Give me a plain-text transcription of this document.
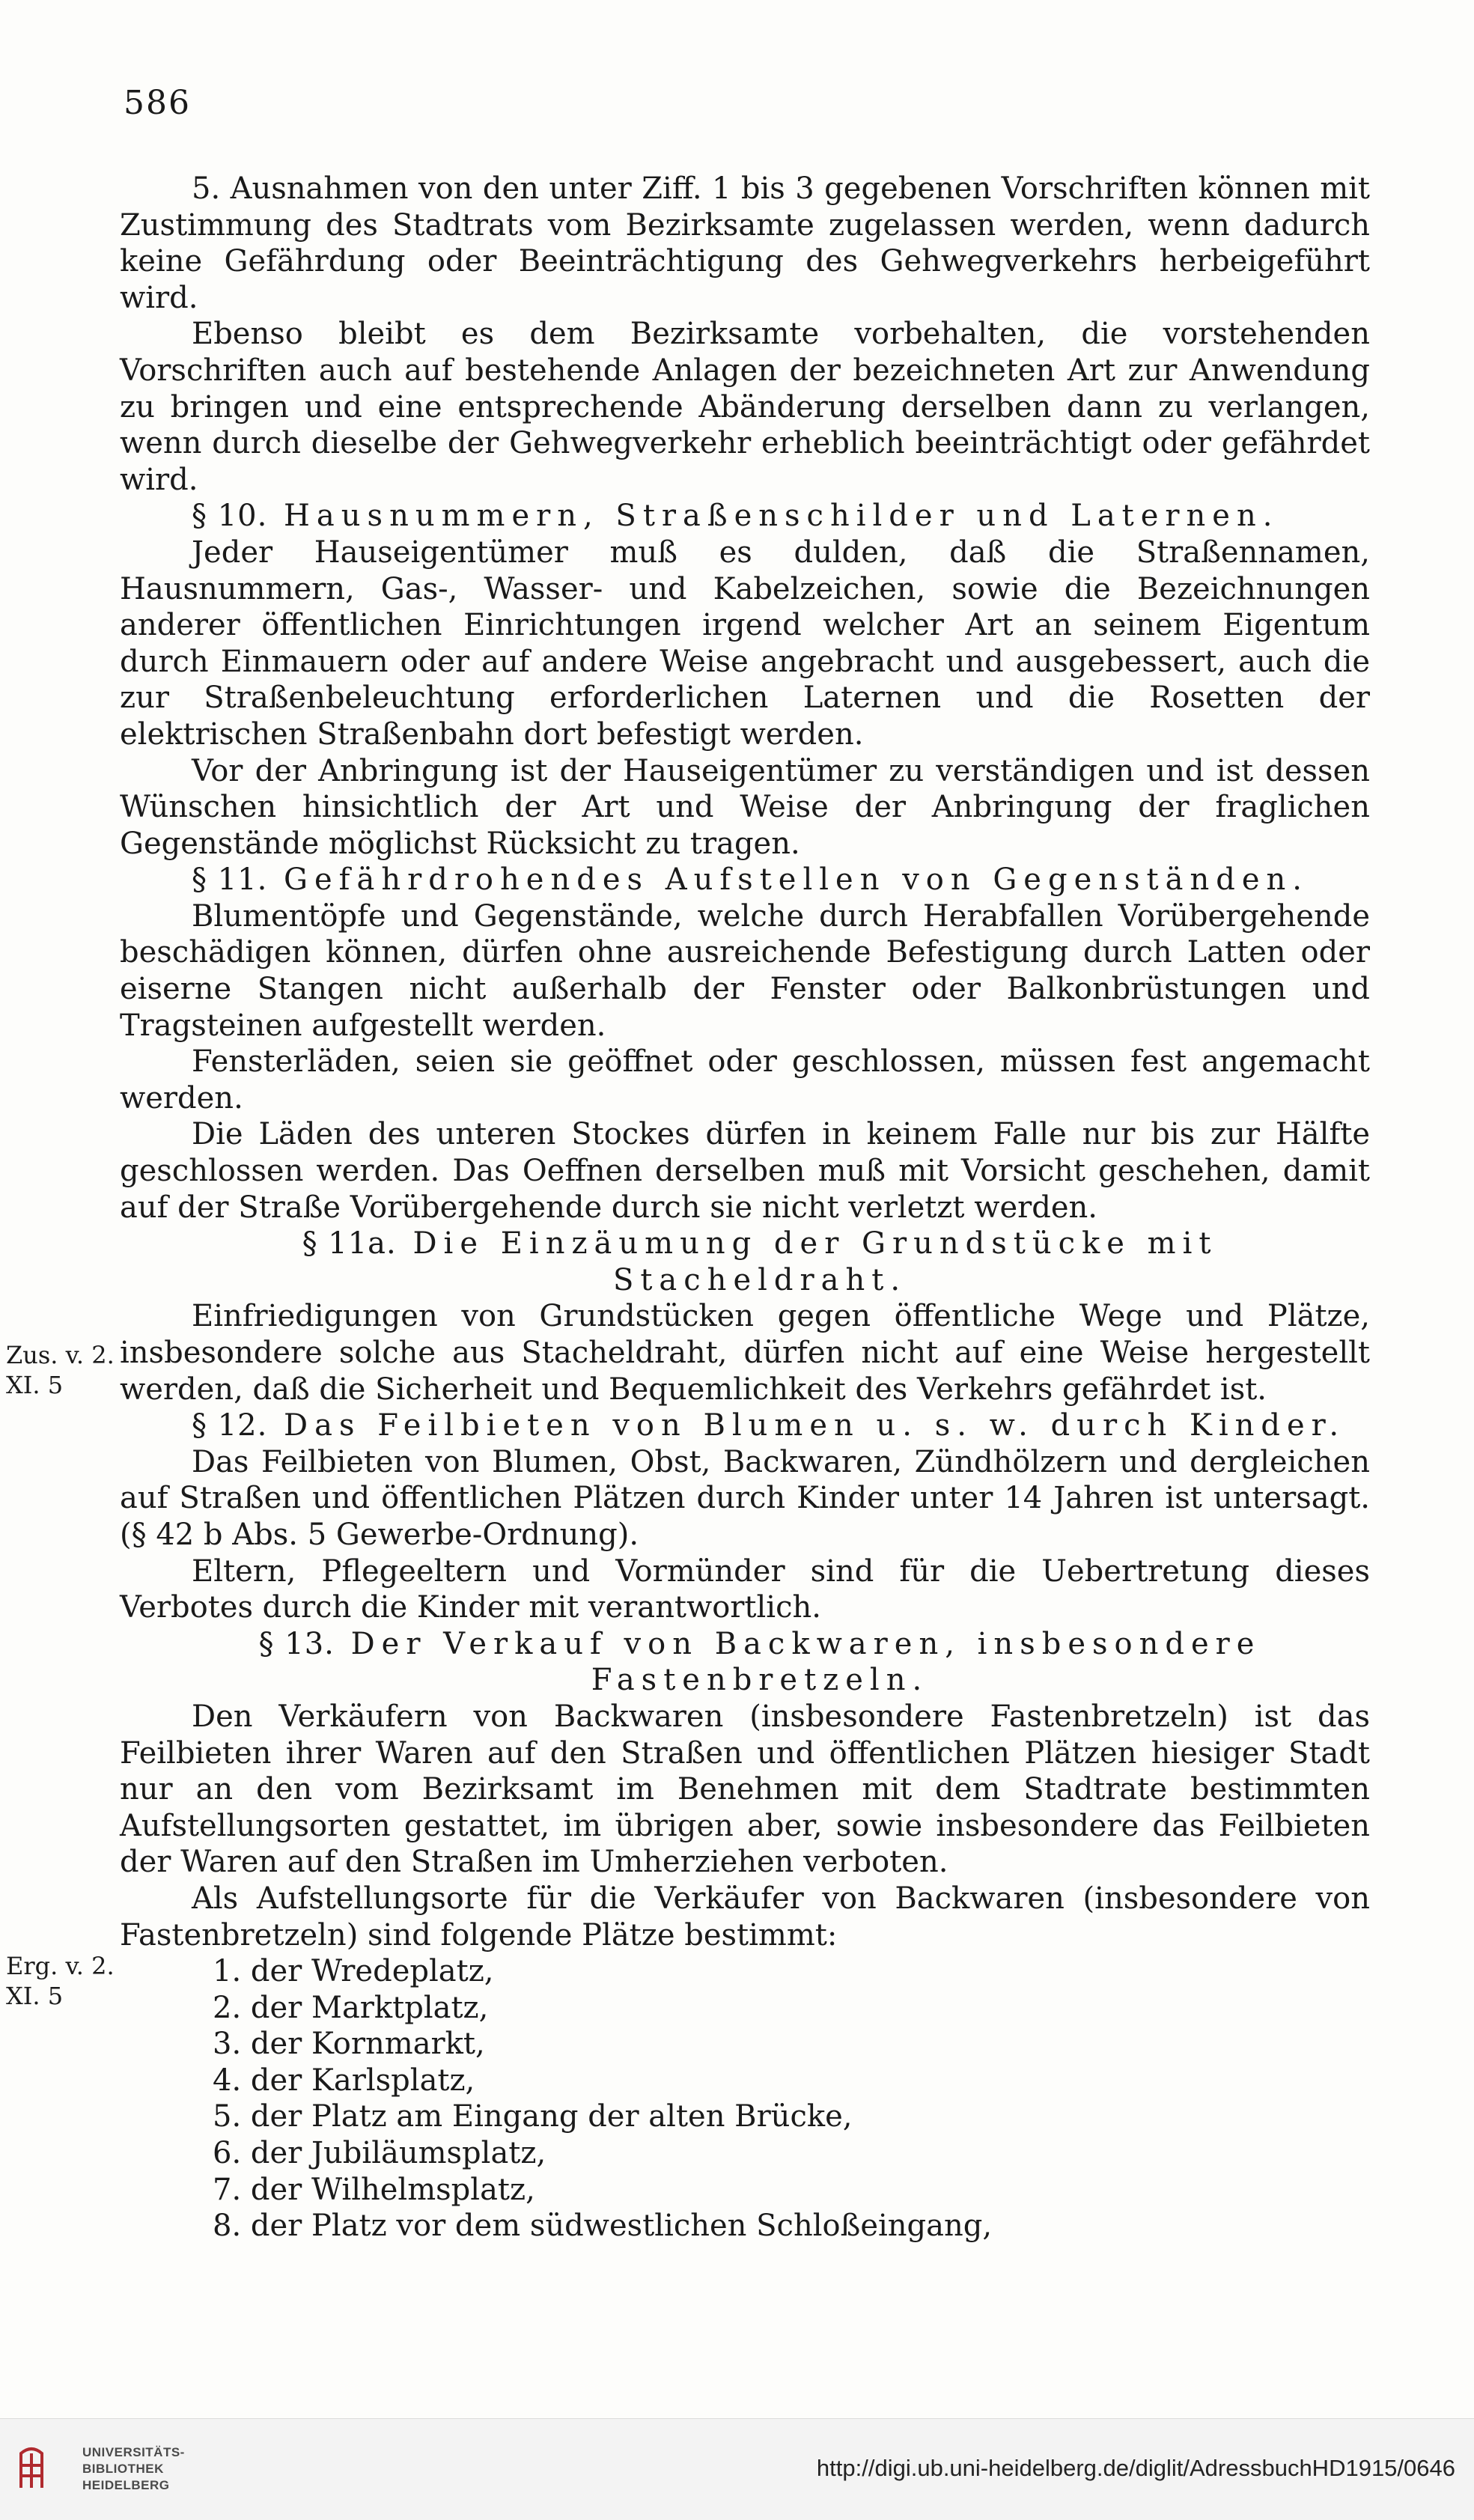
586

5. Ausnahmen von den unter Ziff. 1 bis 3 gegebenen Vorschriften können mit Zustimmung des Stadtrats vom Bezirksamte zugelassen werden, wenn dadurch keine Gefährdung oder Beeinträchtigung des Gehwegverkehrs herbeigeführt wird.

Ebenso bleibt es dem Bezirksamte vorbehalten, die vorstehenden Vorschriften auch auf bestehende Anlagen der bezeichneten Art zur Anwendung zu bringen und eine entsprechende Abänderung derselben dann zu verlangen, wenn durch dieselbe der Gehwegverkehr erheblich beeinträchtigt oder gefährdet wird.

§ 10. Hausnummern, Straßenschilder und Laternen.

Jeder Hauseigentümer muß es dulden, daß die Straßennamen, Hausnummern, Gas-, Wasser- und Kabelzeichen, sowie die Bezeichnungen anderer öffentlichen Einrichtungen irgend welcher Art an seinem Eigentum durch Einmauern oder auf andere Weise angebracht und ausgebessert, auch die zur Straßenbeleuchtung erforderlichen Laternen und die Rosetten der elektrischen Straßenbahn dort befestigt werden.

Vor der Anbringung ist der Hauseigentümer zu verständigen und ist dessen Wünschen hinsichtlich der Art und Weise der Anbringung der fraglichen Gegenstände möglichst Rücksicht zu tragen.

§ 11. Gefährdrohendes Aufstellen von Gegenständen.

Blumentöpfe und Gegenstände, welche durch Herabfallen Vorübergehende beschädigen können, dürfen ohne ausreichende Befestigung durch Latten oder eiserne Stangen nicht außerhalb der Fenster oder Balkonbrüstungen und Tragsteinen aufgestellt werden.

Fensterläden, seien sie geöffnet oder geschlossen, müssen fest angemacht werden.

Die Läden des unteren Stockes dürfen in keinem Falle nur bis zur Hälfte geschlossen werden. Das Oeffnen derselben muß mit Vorsicht geschehen, damit auf der Straße Vorübergehende durch sie nicht verletzt werden.

§ 11a. Die Einzäumung der Grundstücke mit Stacheldraht.

Einfriedigungen von Grundstücken gegen öffentliche Wege und Plätze, insbesondere solche aus Stacheldraht, dürfen nicht auf eine Weise hergestellt werden, daß die Sicherheit und Bequemlichkeit des Verkehrs gefährdet ist.

§ 12. Das Feilbieten von Blumen u. s. w. durch Kinder.

Das Feilbieten von Blumen, Obst, Backwaren, Zündhölzern und dergleichen auf Straßen und öffentlichen Plätzen durch Kinder unter 14 Jahren ist untersagt. (§ 42 b Abs. 5 Gewerbe-Ordnung).

Eltern, Pflegeeltern und Vormünder sind für die Uebertretung dieses Verbotes durch die Kinder mit verantwortlich.

§ 13. Der Verkauf von Backwaren, insbesondere Fastenbretzeln.

Den Verkäufern von Backwaren (insbesondere Fastenbretzeln) ist das Feilbieten ihrer Waren auf den Straßen und öffentlichen Plätzen hiesiger Stadt nur an den vom Bezirksamt im Benehmen mit dem Stadtrate bestimmten Aufstellungsorten gestattet, im übrigen aber, sowie insbesondere das Feilbieten der Waren auf den Straßen im Umherziehen verboten.

Als Aufstellungsorte für die Verkäufer von Backwaren (insbesondere von Fastenbretzeln) sind folgende Plätze bestimmt:

1. der Wredeplatz,
2. der Marktplatz,
3. der Kornmarkt,
4. der Karlsplatz,
5. der Platz am Eingang der alten Brücke,
6. der Jubiläumsplatz,
7. der Wilhelmsplatz,
8. der Platz vor dem südwestlichen Schloßeingang,
Zus. v. 2. XI. 5
Erg. v. 2. XI. 5
UNIVERSITÄTS-
BIBLIOTHEK
HEIDELBERG
http://digi.ub.uni-heidelberg.de/diglit/AdressbuchHD1915/0646
